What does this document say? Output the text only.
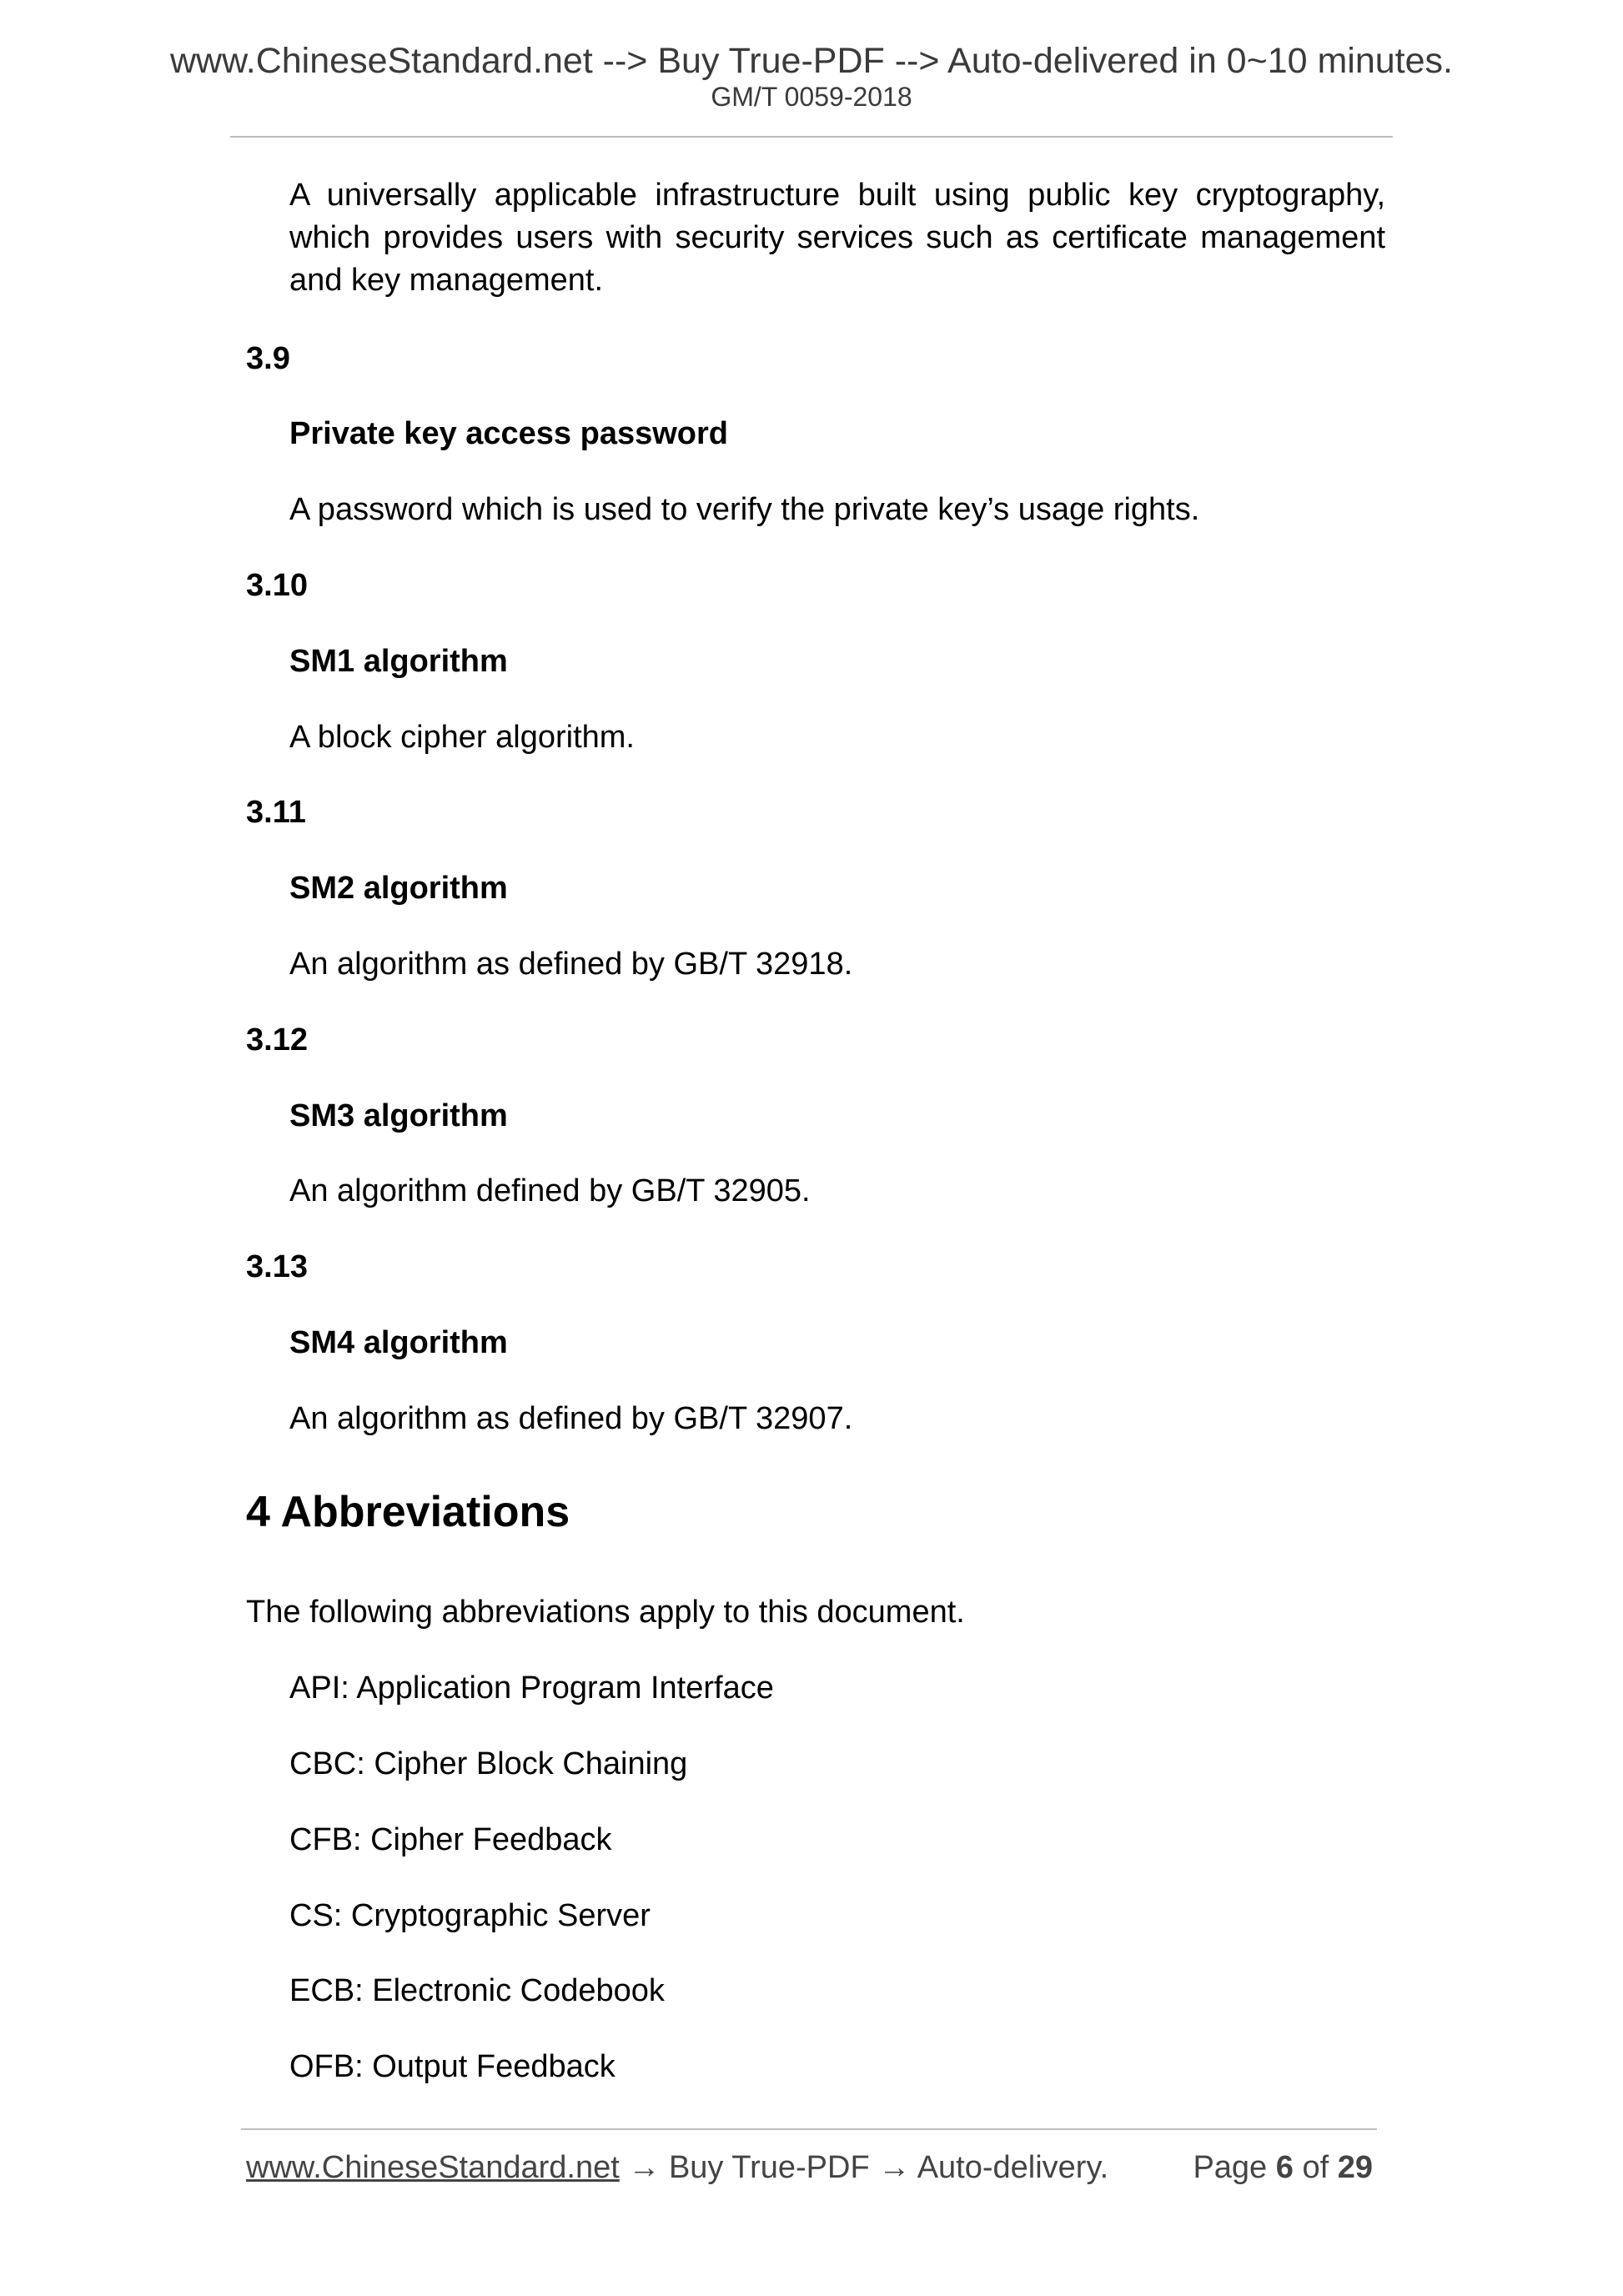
www.ChineseStandard.net --> Buy True-PDF --> Auto-delivered in 0~10 minutes.
GM/T 0059-2018
A universally applicable infrastructure built using public key cryptography, which provides users with security services such as certificate management and key management.
3.9
Private key access password
A password which is used to verify the private key’s usage rights.
3.10
SM1 algorithm
A block cipher algorithm.
3.11
SM2 algorithm
An algorithm as defined by GB/T 32918.
3.12
SM3 algorithm
An algorithm defined by GB/T 32905.
3.13
SM4 algorithm
An algorithm as defined by GB/T 32907.
4 Abbreviations
The following abbreviations apply to this document.
API: Application Program Interface
CBC: Cipher Block Chaining
CFB: Cipher Feedback
CS: Cryptographic Server
ECB: Electronic Codebook
OFB: Output Feedback
www.ChineseStandard.net → Buy True-PDF → Auto-delivery.	Page 6 of 29
